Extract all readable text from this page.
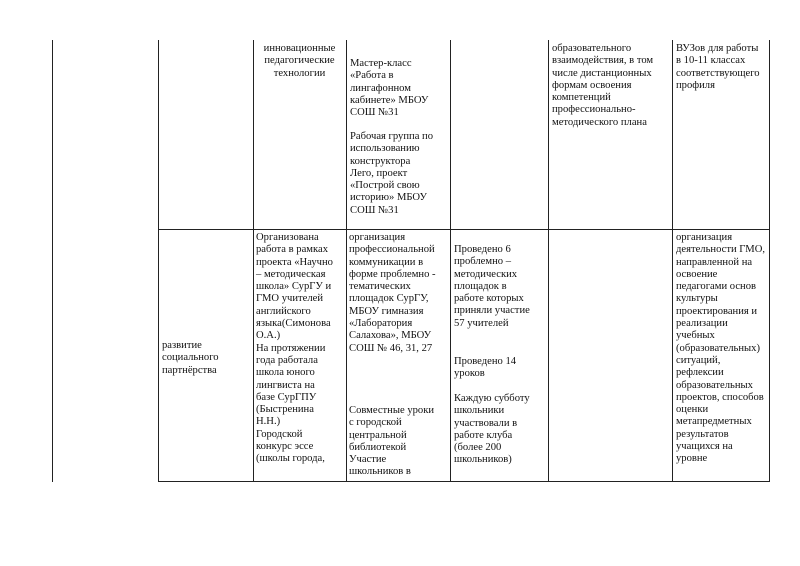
инновационные
педагогические
технологии
Мастер-класс
«Работа в
лингафонном
кабинете» МБОУ
СОШ №31
Рабочая группа по
использованию
конструктора
Лего, проект
«Построй свою
историю» МБОУ
СОШ №31
образовательного
взаимодействия, в том
числе дистанционных
формам освоения
компетенций
профессионально-
методического плана
ВУЗов для работы
в 10-11 классах
соответствующего
профиля
развитие
социального
партнёрства
Организована
работа в рамках
проекта «Научно
– методическая
школа» СурГУ и
ГМО учителей
английского
языка(Симонова
О.А.)
На протяжении
года работала
школа юного
лингвиста на
базе СурГПУ
(Быстренина
Н.Н.)
Городской
конкурс эссе
(школы города,
организация
профессиональной
коммуникации в
форме проблемно -
тематических
площадок СурГУ,
МБОУ гимназия
«Лаборатория
Салахова», МБОУ
СОШ № 46, 31, 27
Совместные уроки
с городской
центральной
библиотекой
Участие
школьников в
Проведено 6
проблемно –
методических
площадок в
работе которых
приняли участие
57 учителей
Проведено 14
уроков
Каждую субботу
школьники
участвовали в
работе клуба
(более 200
школьников)
организация
деятельности ГМО,
направленной на
освоение
педагогами основ
культуры
проектирования и
реализации
учебных
(образовательных)
ситуаций,
рефлексии
образовательных
проектов, способов
оценки
метапредметных
результатов
учащихся на
уровне
